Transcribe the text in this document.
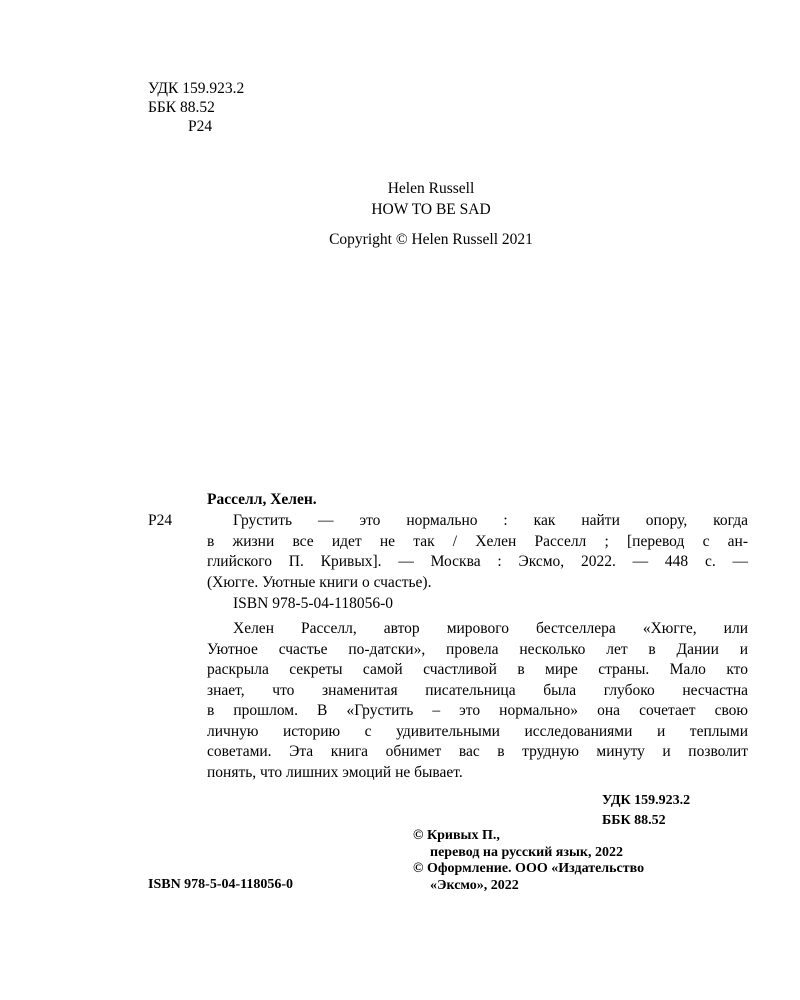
УДК 159.923.2
ББК 88.52
Р24
Helen Russell
HOW TO BE SAD
Copyright © Helen Russell 2021
Расселл, Хелен.
Р24	Грустить — это нормально : как найти опору, когда
в жизни все идет не так / Хелен Расселл ; [перевод с ан-
глийского П. Кривых]. — Москва : Эксмо, 2022. — 448 с. —
(Хюгге. Уютные книги о счастье).
ISBN 978-5-04-118056-0
Хелен Расселл, автор мирового бестселлера «Хюгге, или
Уютное счастье по-датски», провела несколько лет в Дании и
раскрыла секреты самой счастливой в мире страны. Мало кто
знает, что знаменитая писательница была глубоко несчастна
в прошлом. В «Грустить – это нормально» она сочетает свою
личную историю с удивительными исследованиями и теплыми
советами. Эта книга обнимет вас в трудную минуту и позволит
понять, что лишних эмоций не бывает.
УДК 159.923.2
ББК 88.52
© Кривых П.,
перевод на русский язык, 2022
© Оформление. ООО «Издательство
«Эксмо», 2022
ISBN 978-5-04-118056-0
